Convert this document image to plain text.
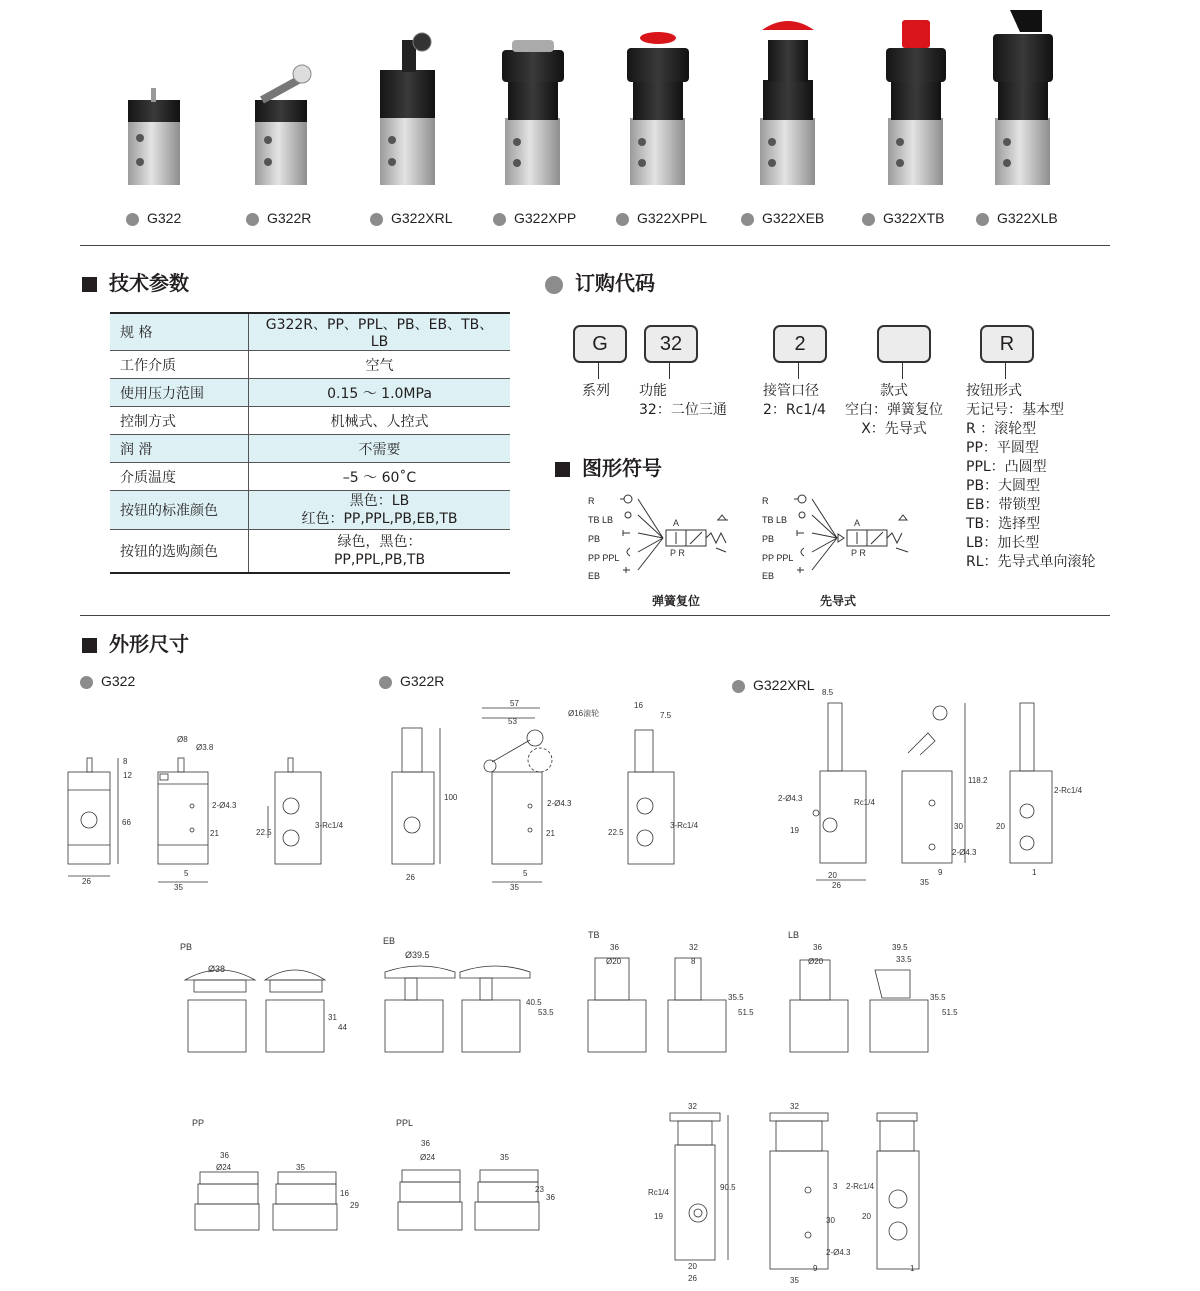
G322	G322R	G322XRL	G322XPP	G322XPPL	G322XEB	G322XTB	G322XLB
技术参数
规 格	G322R、PP、PPL、PB、EB、TB、LB
工作介质	空气
使用压力范围	0.15 ～ 1.0MPa
控制方式	机械式、人控式
润 滑	不需要
介质温度	–5 ～ 60˚C
按钮的标准颜色	黑色：LB
红色：PP,PPL,PB,EB,TB

按钮的选购颜色	绿色，黑色：
PP,PPL,PB,TB
订购代码
G	32	2	R
系列 功能
32：二位三通
接管口径
2：Rc1/4
款式
空白：弹簧复位
X：先导式
按钮形式
无记号：基本型
R ：滚轮型
PP：平圆型
PPL：凸圆型
PB：大圆型
EB：带锁型
TB：选择型
LB：加长型
RL：先导式单向滚轮
图形符号
R
TB LB
PB
PP PPL
EB
A
P R
弹簧复位
R
TB LB
PB
PP PPL
EB
A
P R
先导式
外形尺寸
G322	G322R	G322XRL
Ø8
Ø3.8
8
12
66
2-Ø4.3
21
5
35
26
22.5
3-Rc1/4
100
57
53
Ø16滚轮
2-Ø4.3
21
5
35
26
16
7.5
22.5
3-Rc1/4
8.5
2-Ø4.3	Rc1/4
19
20
26
118.2
30
2-Ø4.3
9
35
2-Rc1/4
20
1
PB
Ø38
31
44
EB
Ø39.5
40.5
53.5
TB
36
Ø20
32
8
35.5
51.5
LB
36
Ø20
39.5
33.5
35.5
51.5
PP
36
Ø24	35
16
29
PPL
36
Ø24	35
23
36
32
Rc1/4
19
90.5
20
26
32
3
30
2-Ø4.3
9
35
2-Rc1/4
20
1
